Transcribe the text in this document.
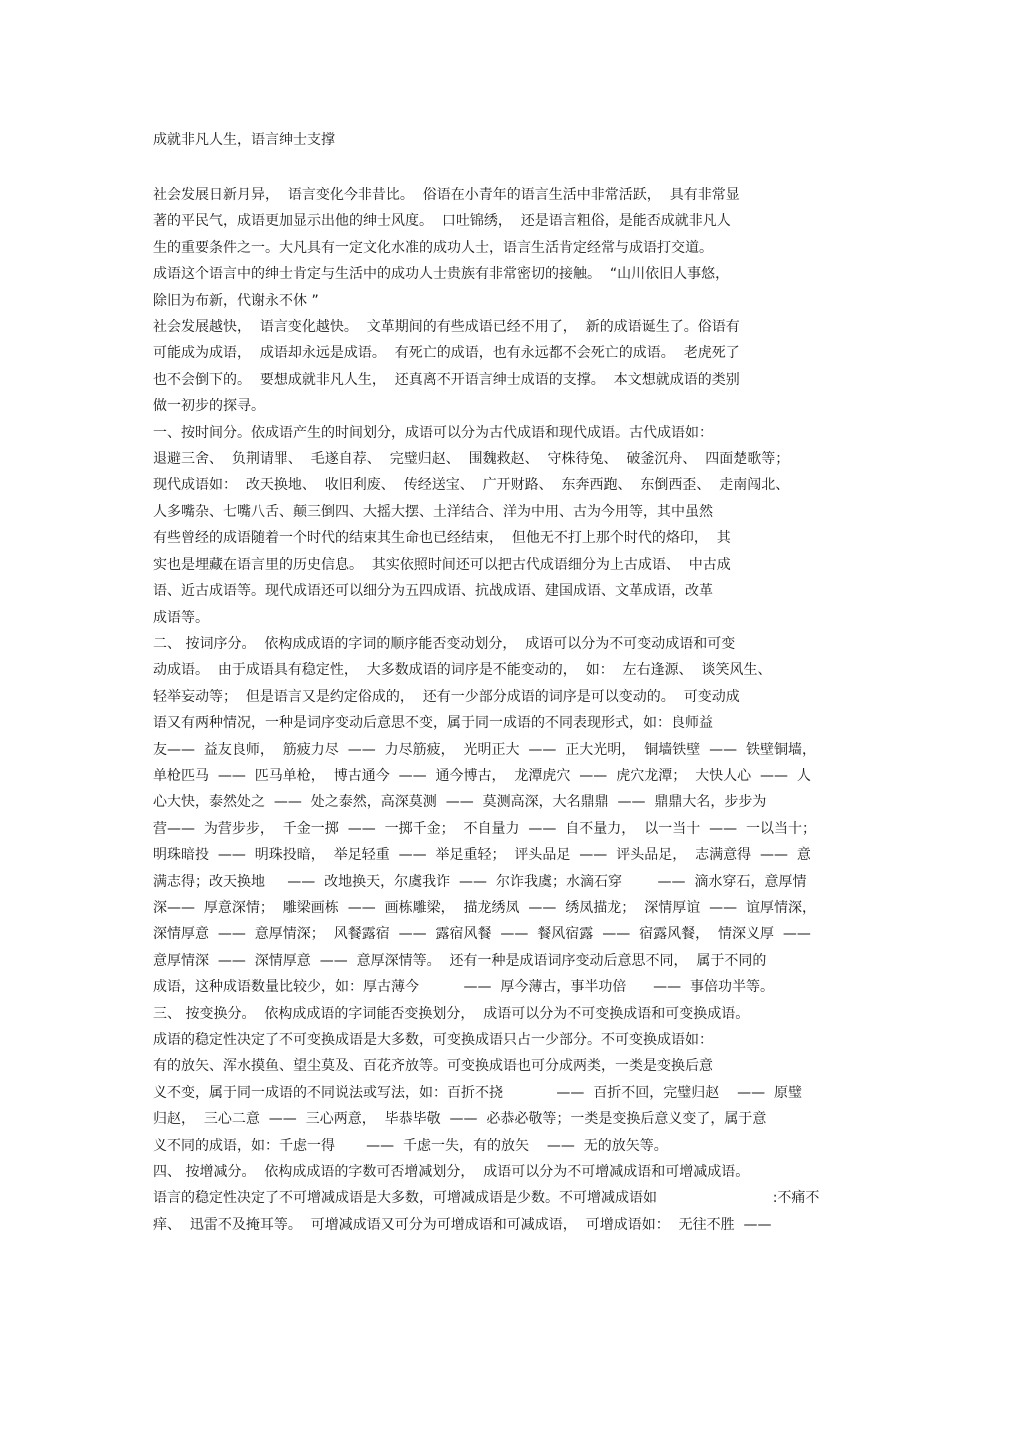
成就非凡人生，语言绅士支撑
社会发展日新月异，  语言变化今非昔比。  俗语在小青年的语言生活中非常活跃，  具有非常显
著的平民气，成语更加显示出他的绅士风度。  口吐锦绣，  还是语言粗俗，是能否成就非凡人
生的重要条件之一。大凡具有一定文化水准的成功人士，语言生活肯定经常与成语打交道。
成语这个语言中的绅士肯定与生活中的成功人士贵族有非常密切的接触。  “山川依旧人事悠，
除旧为布新，代谢永不休 ”
社会发展越快，  语言变化越快。  文革期间的有些成语已经不用了，  新的成语诞生了。俗语有
可能成为成语，  成语却永远是成语。  有死亡的成语，也有永远都不会死亡的成语。  老虎死了
也不会倒下的。  要想成就非凡人生，  还真离不开语言绅士成语的支撑。  本文想就成语的类别
做一初步的探寻。
一、按时间分。依成语产生的时间划分，成语可以分为古代成语和现代成语。古代成语如：
退避三舍、  负荆请罪、  毛遂自荐、  完璧归赵、  围魏救赵、  守株待兔、  破釜沉舟、  四面楚歌等；
现代成语如：  改天换地、  收旧利废、  传经送宝、  广开财路、  东奔西跑、  东倒西歪、  走南闯北、
人多嘴杂、七嘴八舌、颠三倒四、大摇大摆、土洋结合、洋为中用、古为今用等，其中虽然
有些曾经的成语随着一个时代的结束其生命也已经结束，  但他无不打上那个时代的烙印，  其
实也是埋藏在语言里的历史信息。  其实依照时间还可以把古代成语细分为上古成语、  中古成
语、近古成语等。现代成语还可以细分为五四成语、抗战成语、建国成语、文革成语，改革
成语等。
二、 按词序分。  依构成成语的字词的顺序能否变动划分，  成语可以分为不可变动成语和可变
动成语。  由于成语具有稳定性，  大多数成语的词序是不能变动的，  如：  左右逢源、  谈笑风生、
轻举妄动等；  但是语言又是约定俗成的，  还有一少部分成语的词序是可以变动的。  可变动成
语又有两种情况，一种是词序变动后意思不变，属于同一成语的不同表现形式，如：良师益
友——  益友良师，  筋疲力尽  ——  力尽筋疲，  光明正大  ——  正大光明，  铜墙铁壁  ——  铁壁铜墙，
单枪匹马  ——  匹马单枪，  博古通今  ——  通今博古，  龙潭虎穴  ——  虎穴龙潭；  大快人心  ——  人
心大快，泰然处之  ——  处之泰然，高深莫测  ——  莫测高深，大名鼎鼎  ——  鼎鼎大名，步步为
营——  为营步步，  千金一掷  ——  一掷千金；  不自量力  ——  自不量力，  以一当十  ——  一以当十；
明珠暗投  ——  明珠投暗，  举足轻重  ——  举足重轻；  评头品足  ——  评头品足，  志满意得  ——  意
满志得；改天换地     ——  改地换天，尔虞我诈  ——  尔诈我虞；水滴石穿        ——  滴水穿石，意厚情
深——  厚意深情；  雕梁画栋  ——  画栋雕梁，  描龙绣凤  ——  绣凤描龙；  深情厚谊  ——  谊厚情深，
深情厚意  ——  意厚情深；  风餐露宿  ——  露宿风餐  ——  餐风宿露  ——  宿露风餐，  情深义厚  ——
意厚情深  ——  深情厚意  ——  意厚深情等。  还有一种是成语词序变动后意思不同，  属于不同的
成语，这种成语数量比较少，如：厚古薄今          ——  厚今薄古，事半功倍      ——  事倍功半等。
三、 按变换分。  依构成成语的字词能否变换划分，  成语可以分为不可变换成语和可变换成语。
成语的稳定性决定了不可变换成语是大多数，可变换成语只占一少部分。不可变换成语如：
有的放矢、浑水摸鱼、望尘莫及、百花齐放等。可变换成语也可分成两类，一类是变换后意
义不变，属于同一成语的不同说法或写法，如：百折不挠            ——  百折不回，完璧归赵    ——  原璧
归赵，  三心二意  ——  三心两意，  毕恭毕敬  ——  必恭必敬等；一类是变换后意义变了，属于意
义不同的成语，如：千虑一得       ——  千虑一失，有的放矢    ——  无的放矢等。
四、 按增减分。  依构成成语的字数可否增减划分，  成语可以分为不可增减成语和可增减成语。
语言的稳定性决定了不可增减成语是大多数，可增减成语是少数。不可增减成语如                          :不痛不
痒、  迅雷不及掩耳等。  可增减成语又可分为可增成语和可减成语，  可增成语如：  无往不胜  ——
